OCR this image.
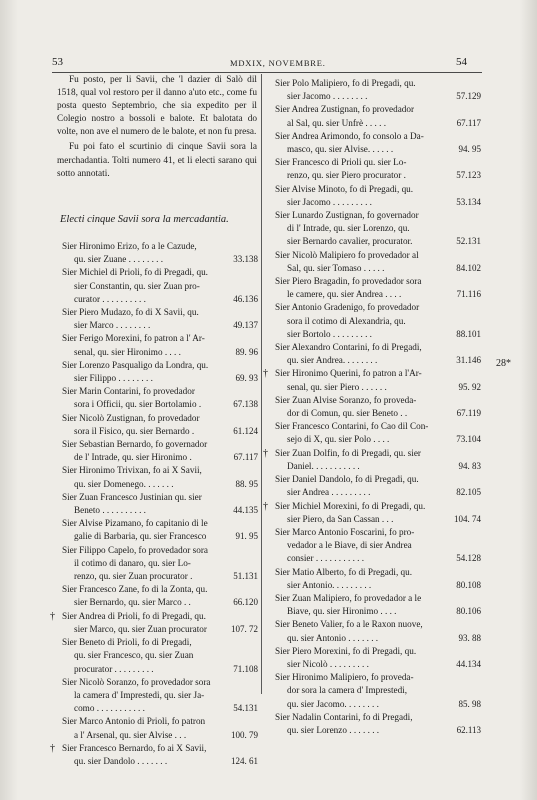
53	MDXIX, NOVEMBRE.	54

Fu posto, per li Savii, che 'l dazier di Salò dil 1518, qual vol restoro per il danno a'uto etc., come fu posta questo Septembrio, che sia expedito per il Colegio nostro a bossoli e balote. Et balotata do volte, non ave el numero de le balote, et non fu presa.

Fu poi fato el scurtinio di cinque Savii sora la merchadantia. Tolti numero 41, et li electi sarano qui sotto annotati.

Electi cinque Savii sora la mercadantia.
Sier Hironimo Erizo, fo a le Cazude,
qu. sier Zuane . . . . . . . .	33.138
Sier Michiel di Prioli, fo di Pregadi, qu.
sier Constantin, qu. sier Zuan pro-
curator . . . . . . . . . .	46.136
Sier Piero Mudazo, fo di X Savii, qu.
sier Marco . . . . . . . .	49.137
Sier Ferigo Morexini, fo patron a l' Ar-
senal, qu. sier Hironimo . . . .	89. 96
Sier Lorenzo Pasqualigo da Londra, qu.
sier Filippo . . . . . . . .	69. 93
Sier Marin Contarini, fo provedador
sora i Officii, qu. sier Bortolamio .	67.138
Sier Nicolò Zustignan, fo provedador
sora il Fisico, qu. sier Bernardo .	61.124
Sier Sebastian Bernardo, fo governador
de l' Intrade, qu. sier Hironimo .	67.117
Sier Hironimo Trivixan, fo ai X Savii,
qu. sier Domenego. . . . . . .	88. 95
Sier Zuan Francesco Justinian qu. sier
Beneto . . . . . . . . . .	44.135
Sier Alvise Pizamano, fo capitanio di le
galie di Barbaria, qu. sier Francesco	91. 95
Sier Filippo Capelo, fo provedador sora
il cotimo di danaro, qu. sier Lo-
renzo, qu. sier Zuan procurator .	51.131
Sier Francesco Zane, fo di la Zonta, qu.
sier Bernardo, qu. sier Marco . .	66.120
† Sier Andrea di Prioli, fo di Pregadi, qu.
sier Marco, qu. sier Zuan procurator	107. 72
Sier Beneto di Prioli, fo di Pregadi,
qu. sier Francesco, qu. sier Zuan
procurator . . . . . . . . .	71.108
Sier Nicolò Soranzo, fo provedador sora
la camera d' Imprestedi, qu. sier Ja-
como . . . . . . . . . . .	54.131
Sier Marco Antonio di Prioli, fo patron
a l' Arsenal, qu. sier Alvise . . .	100. 79
† Sier Francesco Bernardo, fo ai X Savii,
qu. sier Dandolo . . . . . . .	124. 61
Sier Polo Malipiero, fo di Pregadi, qu.
sier Jacomo . . . . . . . .	57.129
Sier Andrea Zustignan, fo provedador
al Sal, qu. sier Unfrè . . . . .	67.117
Sier Andrea Arimondo, fo consolo a Da-
masco, qu. sier Alvise. . . . . .	94. 95
Sier Francesco di Prioli qu. sier Lo-
renzo, qu. sier Piero procurator .	57.123
Sier Alvise Minoto, fo di Pregadi, qu.
sier Jacomo . . . . . . . . .	53.134
Sier Lunardo Zustignan, fo governador
di l' Intrade, qu. sier Lorenzo, qu.
sier Bernardo cavalier, procurator.	52.131
Sier Nicolò Malipiero fo provedador al
Sal, qu. sier Tomaso . . . . .	84.102
Sier Piero Bragadin, fo provedador sora
le camere, qu. sier Andrea . . . .	71.116
Sier Antonio Gradenigo, fo provedador
sora il cotimo di Alexandria, qu.
sier Bortolo . . . . . . . . .	88.101
Sier Alexandro Contarini, fo di Pregadi,
qu. sier Andrea. . . . . . . .	31.146
† Sier Hironimo Querini, fo patron a l'Ar-
senal, qu. sier Piero . . . . . .	95. 92
Sier Zuan Alvise Soranzo, fo proveda-
dor di Comun, qu. sier Beneto . .	67.119
Sier Francesco Contarini, fo Cao dil Con-
sejo di X, qu. sier Polo . . . .	73.104
† Sier Zuan Dolfin, fo di Pregadi, qu. sier
Daniel. . . . . . . . . . .	94. 83
Sier Daniel Dandolo, fo di Pregadi, qu.
sier Andrea . . . . . . . . .	82.105
† Sier Michiel Morexini, fo di Pregadi, qu.
sier Piero, da San Cassan . . .	104. 74
Sier Marco Antonio Foscarini, fo pro-
vedador a le Biave, di sier Andrea
consier . . . . . . . . . . .	54.128
Sier Matio Alberto, fo di Pregadi, qu.
sier Antonio. . . . . . . . .	80.108
Sier Zuan Malipiero, fo provedador a le
Biave, qu. sier Hironimo . . . .	80.106
Sier Beneto Valier, fo a le Raxon nuove,
qu. sier Antonio . . . . . . .	93. 88
Sier Piero Morexini, fo di Pregadi, qu.
sier Nicolò . . . . . . . . .	44.134
Sier Hironimo Malipiero, fo proveda-
dor sora la camera d' Imprestedi,
qu. sier Jacomo. . . . . . . .	85. 98
Sier Nadalin Contarini, fo di Pregadi,
qu. sier Lorenzo . . . . . . .	62.113
28*
